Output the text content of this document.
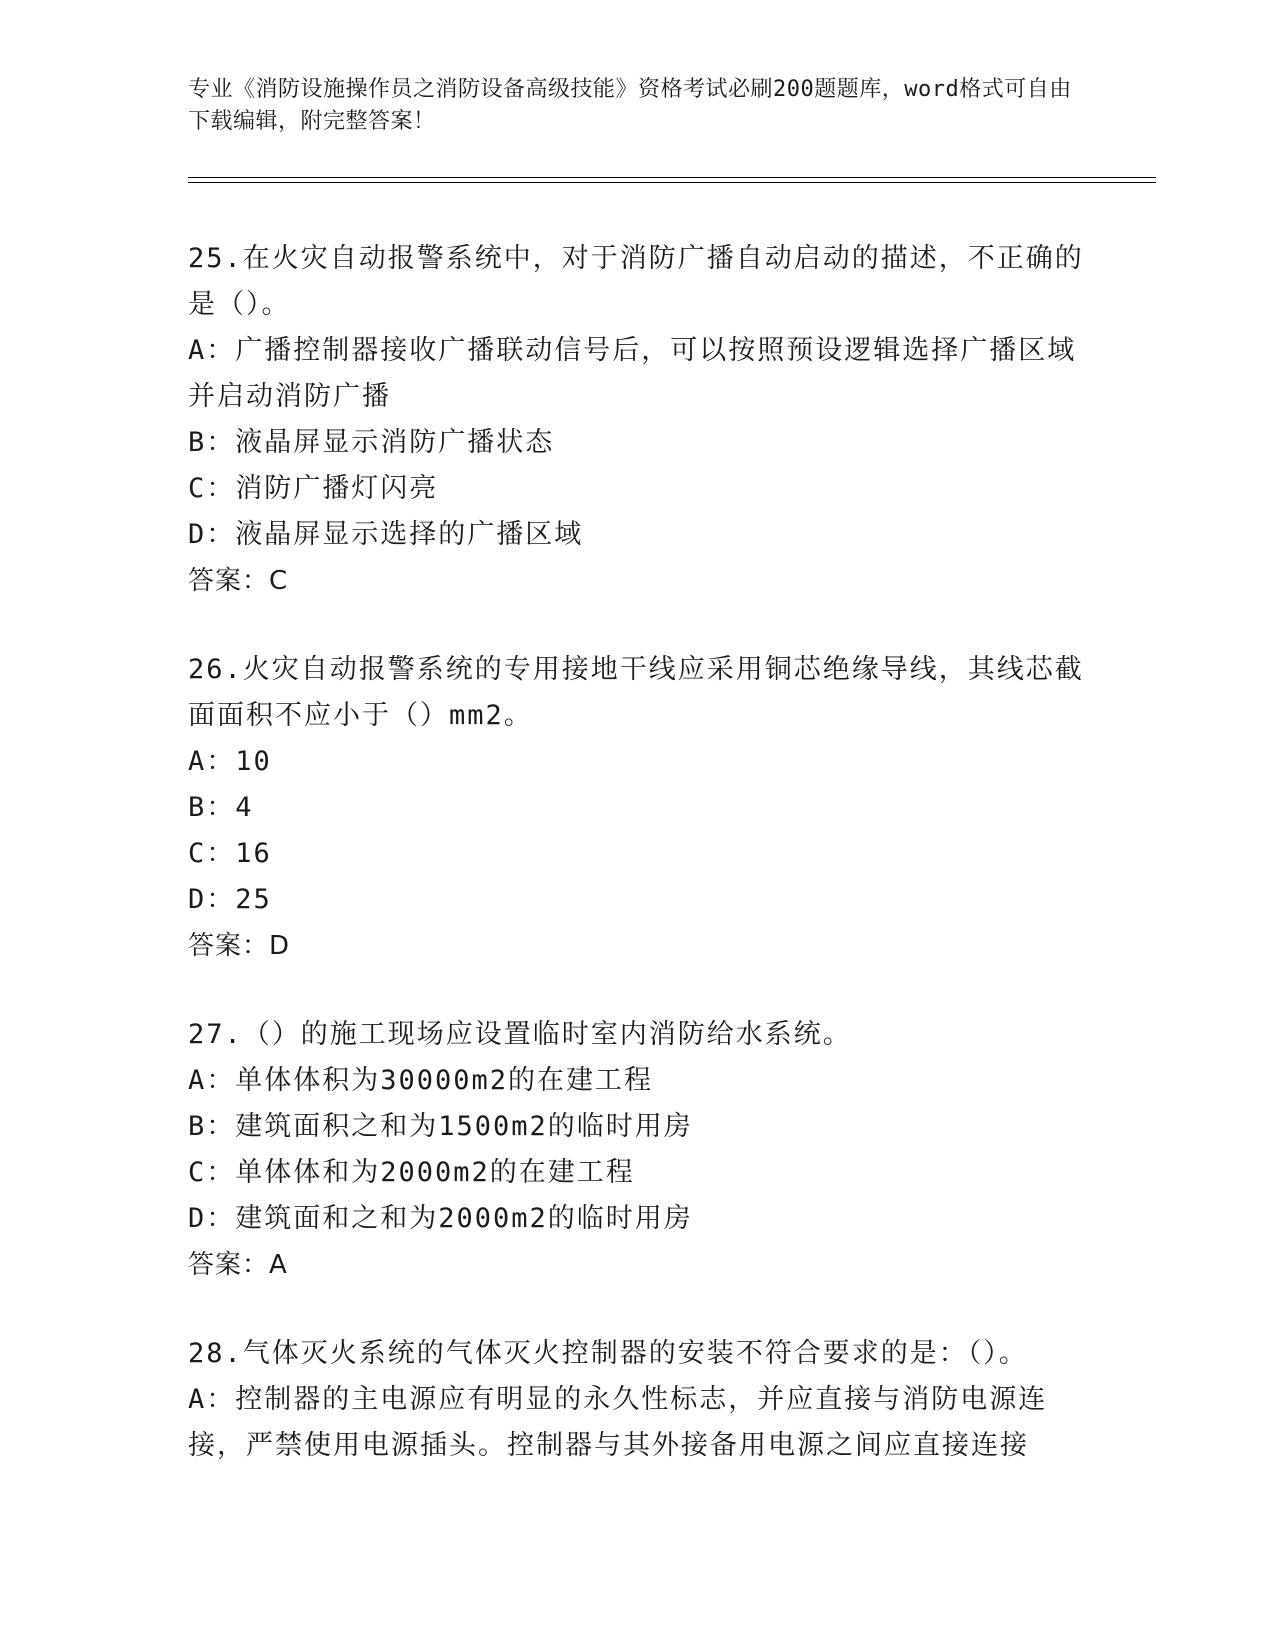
专业《消防设施操作员之消防设备高级技能》资格考试必刷200题题库，word格式可自由下载编辑，附完整答案！
25.在火灾自动报警系统中，对于消防广播自动启动的描述，不正确的是（）。
A：广播控制器接收广播联动信号后，可以按照预设逻辑选择广播区域并启动消防广播
B：液晶屏显示消防广播状态
C：消防广播灯闪亮
D：液晶屏显示选择的广播区域
答案：C
26.火灾自动报警系统的专用接地干线应采用铜芯绝缘导线，其线芯截面面积不应小于（）mm2。
A：10
B：4
C：16
D：25
答案：D
27.（）的施工现场应设置临时室内消防给水系统。
A：单体体积为30000m2的在建工程
B：建筑面积之和为1500m2的临时用房
C：单体体和为2000m2的在建工程
D：建筑面和之和为2000m2的临时用房
答案：A
28.气体灭火系统的气体灭火控制器的安装不符合要求的是：（）。
A：控制器的主电源应有明显的永久性标志，并应直接与消防电源连接，严禁使用电源插头。控制器与其外接备用电源之间应直接连接
